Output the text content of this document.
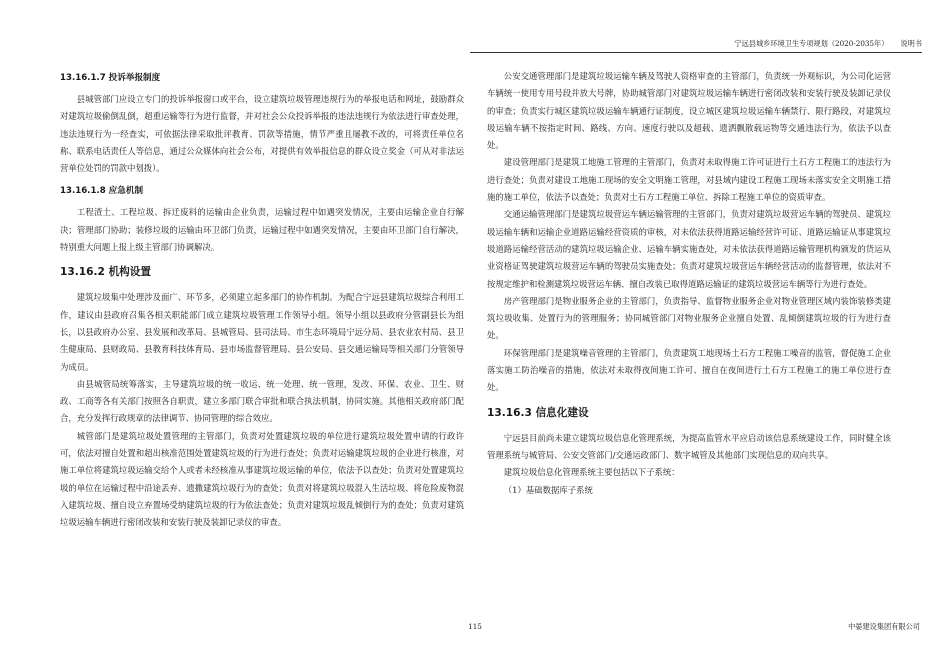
宁远县城乡环境卫生专项规划（2020-2035年） 说明书
13.16.1.7 投诉举报制度

县城管部门应设立专门的投诉举报窗口或平台，设立建筑垃圾管理违规行为的举报电话和网址，鼓励群众对建筑垃圾偷倒乱倒，超重运输等行为进行监督，并对社会公众投诉举报的违法违规行为依法进行审查处理，违法违规行为一经查实，可依据法律采取批评教育、罚款等措施，情节严重且屡教不改的，可将责任单位名称、联系电话责任人等信息，通过公众媒体向社会公布，对提供有效举报信息的群众设立奖金（可从对非法运营单位处罚的罚款中划拨）。

13.16.1.8 应急机制

工程渣土、工程垃圾、拆迁废料的运输由企业负责，运输过程中如遇突发情况，主要由运输企业自行解决；管理部门协助；装修垃圾的运输由环卫部门负责，运输过程中如遇突发情况，主要由环卫部门自行解决，特别重大问题上报上级主管部门协调解决。

13.16.2 机构设置

建筑垃圾集中处理涉及面广、环节多，必须建立起多部门的协作机制。为配合宁远县建筑垃圾综合利用工作，建议由县政府召集各相关职能部门成立建筑垃圾管理工作领导小组。领导小组以县政府分管副县长为组长，以县政府办公室、县发展和改革局、县城管局、县司法局、市生态环境局宁远分局、县农业农村局、县卫生健康局、县财政局、县教育科技体育局、县市场监督管理局、县公安局、县交通运输局等相关部门分管领导为成员。

由县城管局统筹落实，主导建筑垃圾的统一收运、统一处理、统一管理，发改、环保、农业、卫生、财政、工商等各有关部门按照各自职责，建立多部门联合审批和联合执法机制，协同实施。其他相关政府部门配合，充分发挥行政规章的法律调节、协同管理的综合效应。

城管部门是建筑垃圾处置管理的主管部门，负责对处置建筑垃圾的单位进行建筑垃圾处置申请的行政许可，依法对擅自处置和超出核准范围处置建筑垃圾的行为进行查处；负责对运输建筑垃圾的企业进行核准，对施工单位将建筑垃圾运输交给个人或者未经核准从事建筑垃圾运输的单位，依法予以查处；负责对处置建筑垃圾的单位在运输过程中沿途丢弃、遗撒建筑垃圾行为的查处；负责对将建筑垃圾混入生活垃圾、将危险废物混入建筑垃圾、擅自设立弃置场受纳建筑垃圾的行为依法查处；负责对建筑垃圾乱倾倒行为的查处；负责对建筑垃圾运输车辆进行密闭改装和安装行驶及装卸记录仪的审查。

公安交通管理部门是建筑垃圾运输车辆及驾驶人资格审查的主管部门，负责统一外观标识，为公司化运营车辆统一使用专用号段并放大号牌，协助城管部门对建筑垃圾运输车辆进行密闭改装和安装行驶及装卸记录仪的审查；负责实行城区建筑垃圾运输车辆通行证制度，设立城区建筑垃圾运输车辆禁行、限行路段，对建筑垃圾运输车辆不按指定时间、路线、方向、速度行驶以及超载、遗洒飘散载运物等交通违法行为，依法予以查处。

建设管理部门是建筑工地施工管理的主管部门，负责对未取得施工许可证进行土石方工程施工的违法行为进行查处；负责对建设工地施工现场的安全文明施工管理，对县域内建设工程施工现场未落实安全文明施工措施的施工单位，依法予以查处；负责对土石方工程施工单位、拆除工程施工单位的资质审查。

交通运输管理部门是建筑垃圾营运车辆运输管理的主管部门，负责对建筑垃圾营运车辆的驾驶员、建筑垃圾运输车辆和运输企业道路运输经营资质的审核，对未依法获得道路运输经营许可证、道路运输证从事建筑垃圾道路运输经营活动的建筑垃圾运输企业、运输车辆实施查处，对未依法获得道路运输管理机构颁发的货运从业资格证驾驶建筑垃圾营运车辆的驾驶员实施查处；负责对建筑垃圾营运车辆经营活动的监督管理，依法对不按规定维护和检测建筑垃圾营运车辆、擅自改装已取得道路运输证的建筑垃圾营运车辆等行为进行查处。

房产管理部门是物业服务企业的主管部门，负责指导、监督物业服务企业对物业管理区域内装饰装修类建筑垃圾收集、处置行为的管理服务；协同城管部门对物业服务企业擅自处置、乱倾倒建筑垃圾的行为进行查处。

环保管理部门是建筑噪音管理的主管部门，负责建筑工地现场土石方工程施工噪音的监管，督促施工企业落实施工防治噪音的措施，依法对未取得夜间施工许可、擅自在夜间进行土石方工程施工的施工单位进行查处。

13.16.3 信息化建设

宁远县目前尚未建立建筑垃圾信息化管理系统，为提高监管水平应启动该信息系统建设工作，同时健全该管理系统与城管局、公安交管部门/交通运政部门、数字城管及其他部门实现信息的双向共享。

建筑垃圾信息化管理系统主要包括以下子系统：

（1）基础数据库子系统

115	中晏建设集团有限公司
